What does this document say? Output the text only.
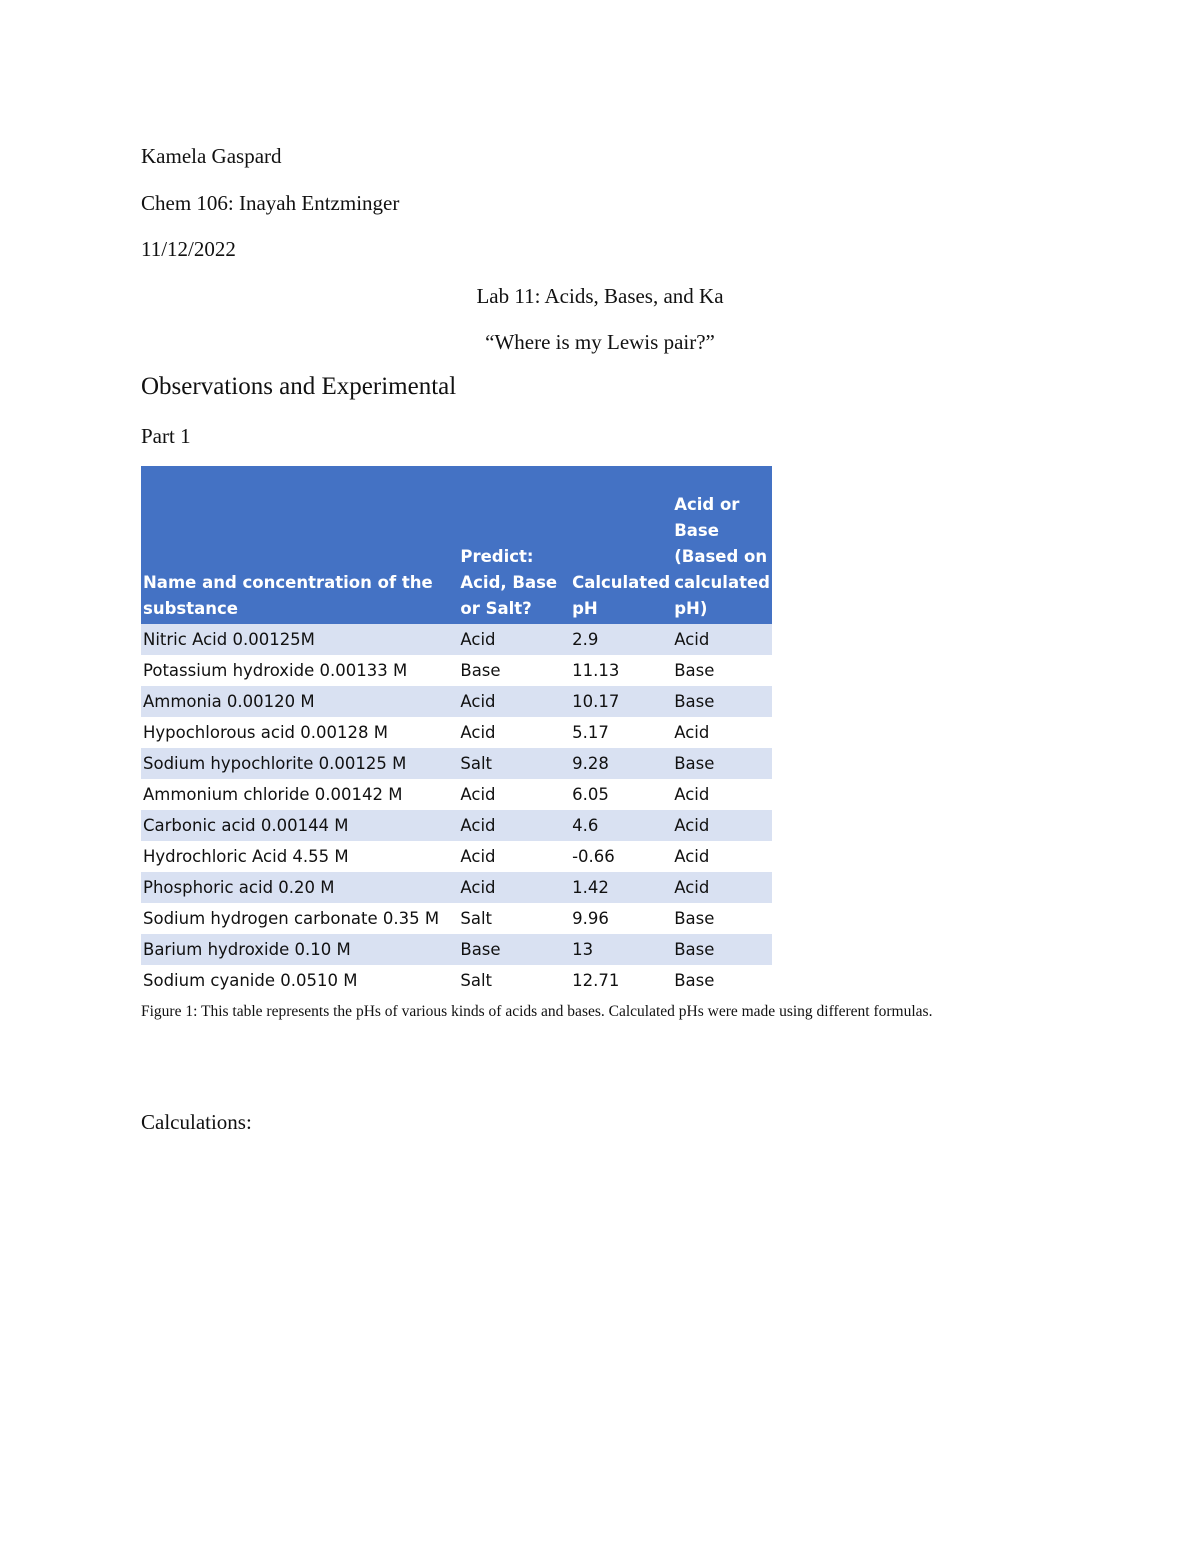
Kamela Gaspard
Chem 106: Inayah Entzminger
11/12/2022
Lab 11: Acids, Bases, and Ka
“Where is my Lewis pair?”
Observations and Experimental
Part 1
Name and concentration of the substance	Predict: Acid, Base or Salt?	Calculated pH	Acid or Base (Based on calculated pH)
Nitric Acid 0.00125M	Acid	2.9	Acid
Potassium hydroxide 0.00133 M	Base	11.13	Base
Ammonia 0.00120 M	Acid	10.17	Base
Hypochlorous acid 0.00128 M	Acid	5.17	Acid
Sodium hypochlorite 0.00125 M	Salt	9.28	Base
Ammonium chloride 0.00142 M	Acid	6.05	Acid
Carbonic acid 0.00144 M	Acid	4.6	Acid
Hydrochloric Acid 4.55 M	Acid	-0.66	Acid
Phosphoric acid 0.20 M	Acid	1.42	Acid
Sodium hydrogen carbonate 0.35 M	Salt	9.96	Base
Barium hydroxide 0.10 M	Base	13	Base
Sodium cyanide 0.0510 M	Salt	12.71	Base
Figure 1: This table represents the pHs of various kinds of acids and bases. Calculated pHs were made using different formulas.
Calculations:
